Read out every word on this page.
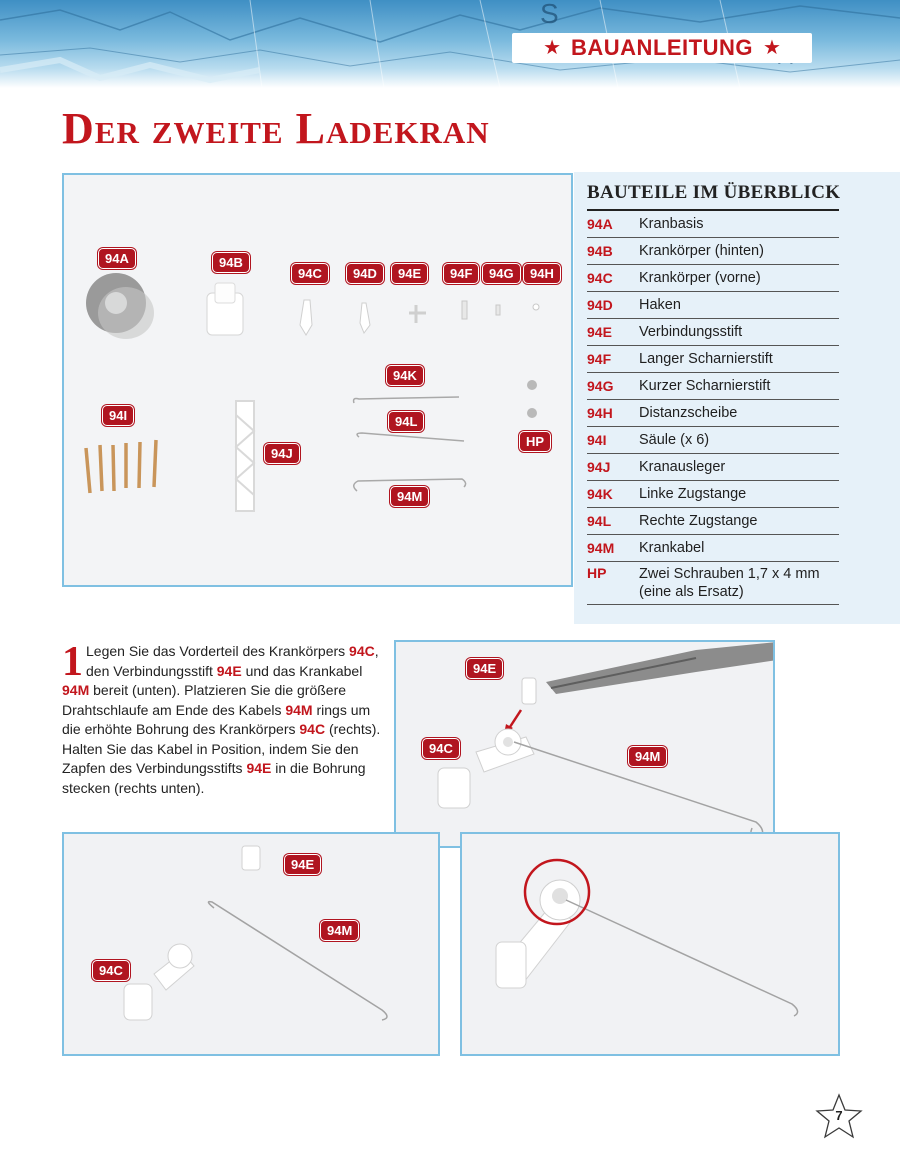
S
★ BAUANLEITUNG ★
Der zweite Ladekran
94A	94B
94C	94D	94E	94F	94G	94H
94I
94J
94K
94L
94M
HP
BAUTEILE IM ÜBERBLICK
94A	Kranbasis
94B	Krankörper (hinten)
94C	Krankörper (vorne)
94D	Haken
94E	Verbindungsstift
94F	Langer Scharnierstift
94G	Kurzer Scharnierstift
94H	Distanzscheibe
94I	Säule (x 6)
94J	Kranausleger
94K	Linke Zugstange
94L	Rechte Zugstange
94M	Krankabel
HP	Zwei Schrauben 1,7 x 4 mm (eine als Ersatz)
1 Legen Sie das Vorderteil des Krankörpers 94C, den Verbindungsstift 94E und das Krankabel 94M bereit (unten). Platzieren Sie die größere Drahtschlaufe am Ende des Kabels 94M rings um die erhöhte Bohrung des Krankörpers 94C (rechts). Halten Sie das Kabel in Position, indem Sie den Zapfen des Verbindungsstifts 94E in die Bohrung stecken (rechts unten).
94E
94C
94M
94E
94M
94C
7
